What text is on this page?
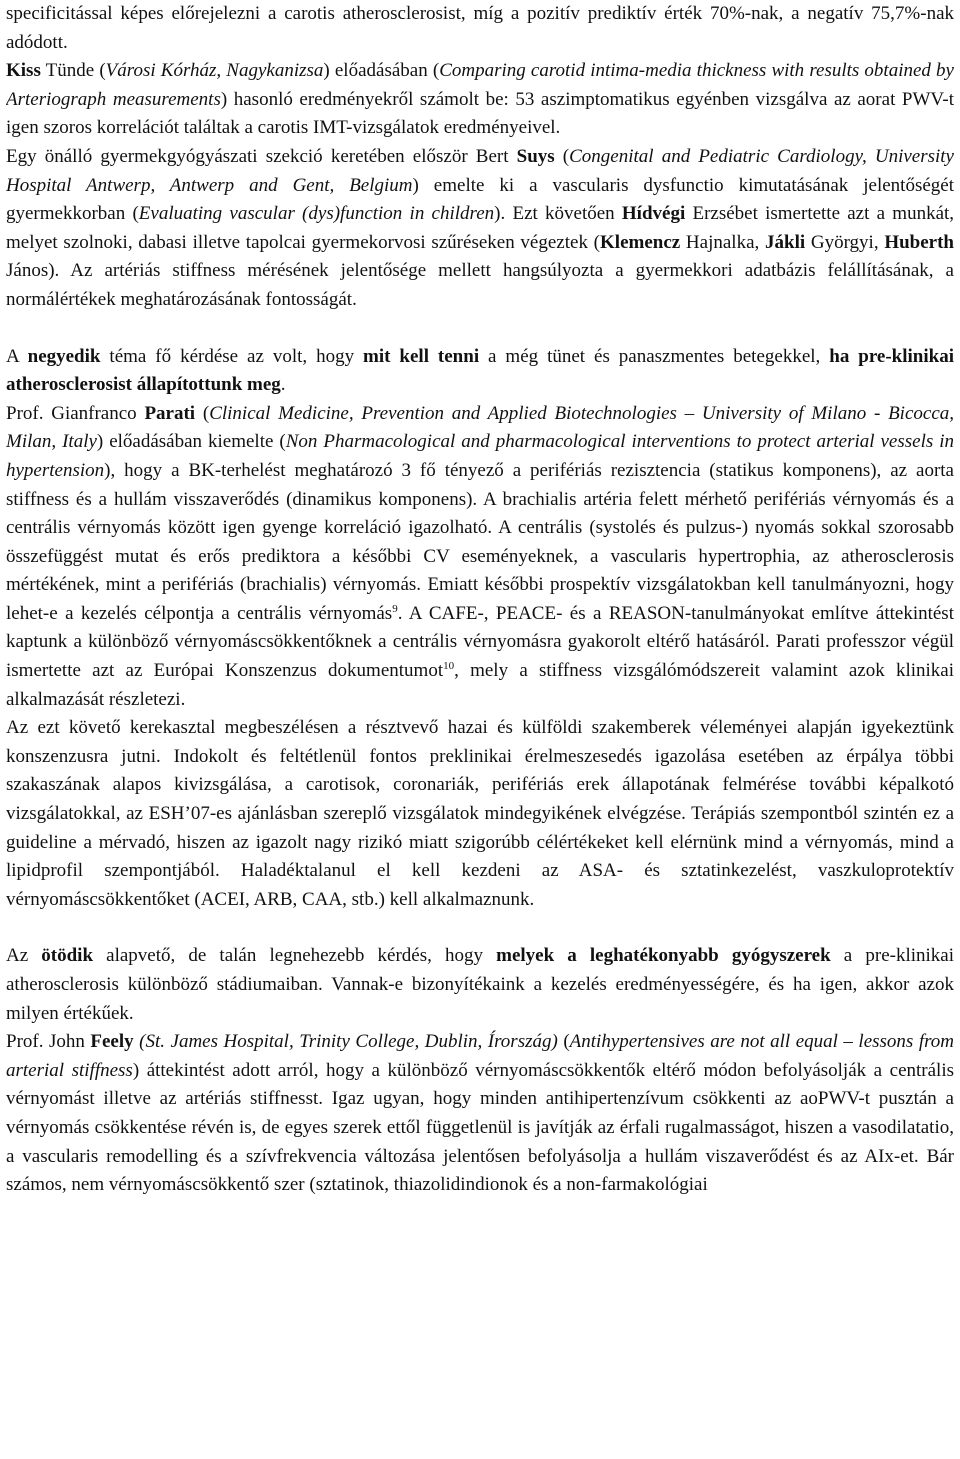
specificitással képes előrejelezni a carotis atherosclerosist, míg a pozitív prediktív érték 70%-nak, a negatív 75,7%-nak adódott.

Kiss Tünde (Városi Kórház, Nagykanizsa) előadásában (Comparing carotid intima-media thickness with results obtained by Arteriograph measurements) hasonló eredményekről számolt be: 53 aszimptomatikus egyénben vizsgálva az aorat PWV-t igen szoros korrelációt találtak a carotis IMT-vizsgálatok eredményeivel.

Egy önálló gyermekgyógyászati szekció keretében először Bert Suys (Congenital and Pediatric Cardiology, University Hospital Antwerp, Antwerp and Gent, Belgium) emelte ki a vascularis dysfunctio kimutatásának jelentőségét gyermekkorban (Evaluating vascular (dys)function in children). Ezt követően Hídvégi Erzsébet ismertette azt a munkát, melyet szolnoki, dabasi illetve tapolcai gyermekorvosi szűréseken végeztek (Klemencz Hajnalka, Jákli Györgyi, Huberth János). Az artériás stiffness mérésének jelentősége mellett hangsúlyozta a gyermekkori adatbázis felállításának, a normálértékek meghatározásának fontosságát.

A negyedik téma fő kérdése az volt, hogy mit kell tenni a még tünet és panaszmentes betegekkel, ha pre-klinikai atherosclerosist állapítottunk meg.

Prof. Gianfranco Parati (Clinical Medicine, Prevention and Applied Biotechnologies – University of Milano - Bicocca, Milan, Italy) előadásában kiemelte (Non Pharmacological and pharmacological interventions to protect arterial vessels in hypertension), hogy a BK-terhelést meghatározó 3 fő tényező a perifériás rezisztencia (statikus komponens), az aorta stiffness és a hullám visszaverődés (dinamikus komponens). A brachialis artéria felett mérhető perifériás vérnyomás és a centrális vérnyomás között igen gyenge korreláció igazolható. A centrális (systolés és pulzus-) nyomás sokkal szorosabb összefüggést mutat és erős prediktora a későbbi CV eseményeknek, a vascularis hypertrophia, az atherosclerosis mértékének, mint a perifériás (brachialis) vérnyomás. Emiatt későbbi prospektív vizsgálatokban kell tanulmányozni, hogy lehet-e a kezelés célpontja a centrális vérnyomás$^9$. A CAFE-, PEACE- és a REASON-tanulmányokat említve áttekintést kaptunk a különböző vérnyomáscsökkentőknek a centrális vérnyomásra gyakorolt eltérő hatásáról. Parati professzor végül ismertette azt az Európai Konszenzus dokumentumot$^{10}$, mely a stiffness vizsgálómódszereit valamint azok klinikai alkalmazását részletezi.

Az ezt követő kerekasztal megbeszélésen a résztvevő hazai és külföldi szakemberek véleményei alapján igyekeztünk konszenzusra jutni. Indokolt és feltétlenül fontos preklinikai érelmeszesedés igazolása esetében az érpálya többi szakaszának alapos kivizsgálása, a carotisok, coronariák, perifériás erek állapotának felmérése további képalkotó vizsgálatokkal, az ESH’07-es ajánlásban szereplő vizsgálatok mindegyikének elvégzése. Terápiás szempontból szintén ez a guideline a mérvadó, hiszen az igazolt nagy rizikó miatt szigorúbb célértékeket kell elérnünk mind a vérnyomás, mind a lipidprofil szempontjából. Haladéktalanul el kell kezdeni az ASA- és sztatinkezelést, vaszkuloprotektív vérnyomáscsökkentőket (ACEI, ARB, CAA, stb.) kell alkalmaznunk.

Az ötödik alapvető, de talán legnehezebb kérdés, hogy melyek a leghatékonyabb gyógyszerek a pre-klinikai atherosclerosis különböző stádiumaiban. Vannak-e bizonyítékaink a kezelés eredményességére, és ha igen, akkor azok milyen értékűek.

Prof. John Feely (St. James Hospital, Trinity College, Dublin, Írország) (Antihypertensives are not all equal – lessons from arterial stiffness) áttekintést adott arról, hogy a különböző vérnyomáscsökkentők eltérő módon befolyásolják a centrális vérnyomást illetve az artériás stiffnesst. Igaz ugyan, hogy minden antihipertenzívum csökkenti az aoPWV-t pusztán a vérnyomás csökkentése révén is, de egyes szerek ettől függetlenül is javítják az érfali rugalmasságot, hiszen a vasodilatatio, a vascularis remodelling és a szívfrekvencia változása jelentősen befolyásolja a hullám viszaverődést és az AIx-et. Bár számos, nem vérnyomáscsökkentő szer (sztatinok, thiazolidindionok és a non-farmakológiai
